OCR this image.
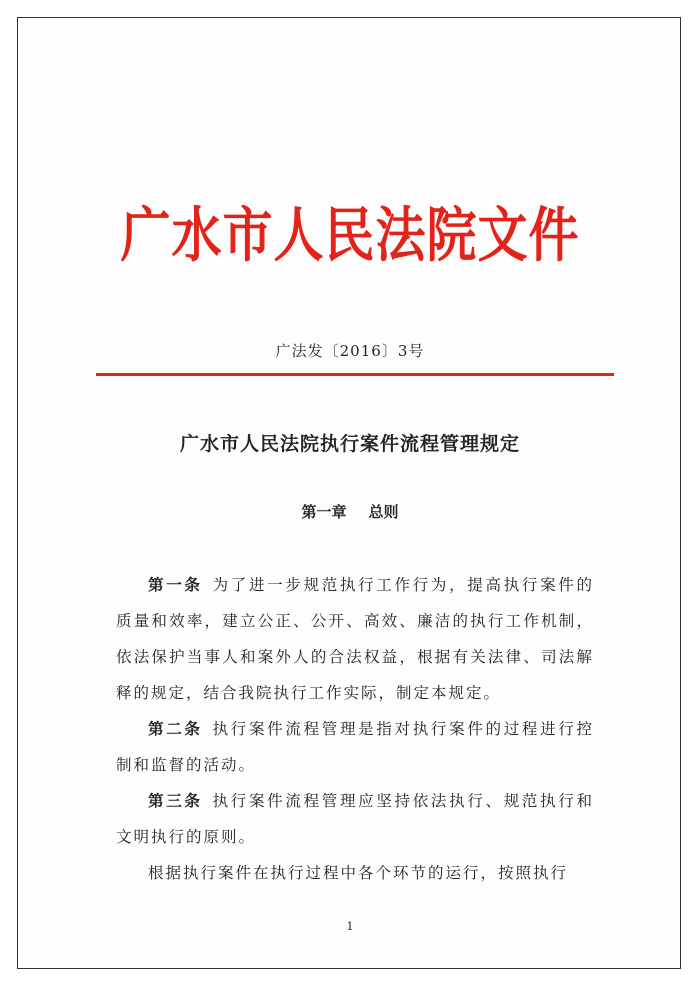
广水市人民法院文件
广法发〔2016〕3号
广水市人民法院执行案件流程管理规定
第一章 总则

第一条 为了进一步规范执行工作行为，提高执行案件的质量和效率，建立公正、公开、高效、廉洁的执行工作机制，依法保护当事人和案外人的合法权益，根据有关法律、司法解释的规定，结合我院执行工作实际，制定本规定。

第二条 执行案件流程管理是指对执行案件的过程进行控制和监督的活动。

第三条 执行案件流程管理应坚持依法执行、规范执行和文明执行的原则。

根据执行案件在执行过程中各个环节的运行，按照执行

1
